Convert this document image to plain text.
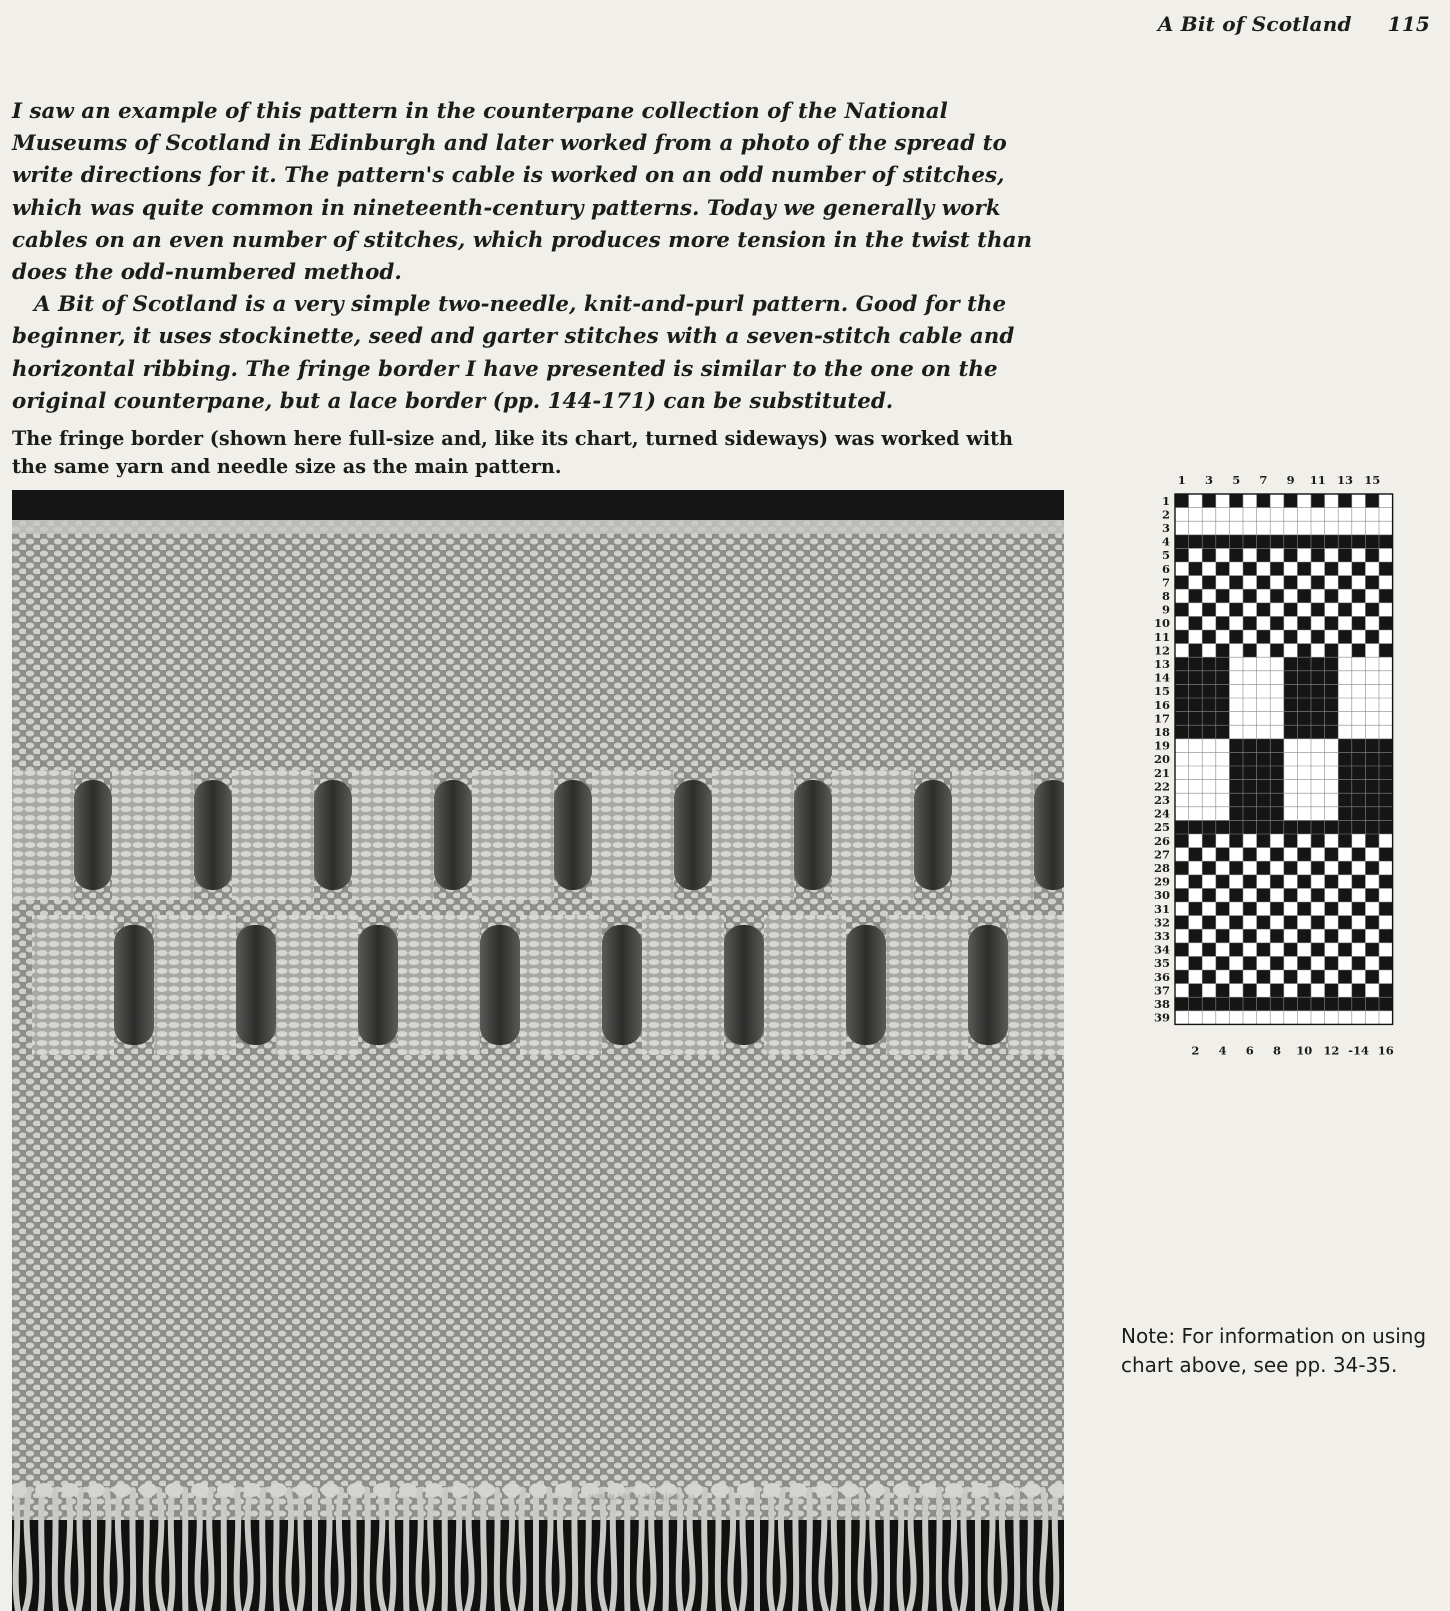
A Bit of Scotland 115

I saw an example of this pattern in the counterpane collection of the National Museums of Scotland in Edinburgh and later worked from a photo of the spread to write directions for it. The pattern's cable is worked on an odd number of stitches, which was quite common in nineteenth-century patterns. Today we generally work cables on an even number of stitches, which produces more tension in the twist than does the odd-numbered method.

A Bit of Scotland is a very simple two-needle, knit-and-purl pattern. Good for the beginner, it uses stockinette, seed and garter stitches with a seven-stitch cable and horizontal ribbing. The fringe border I have presented is similar to the one on the original counterpane, but a lace border (pp. 144-171) can be substituted.

The fringe border (shown here full-size and, like its chart, turned sideways) was worked with the same yarn and needle size as the main pattern.
1 3 5 7 9 11 13 15
2 4 6 8 10 12 -14 16
1
2
3
4
5
6
7
8
9
10
11
12
13
14
15
16
17
18
19
20
21
22
23
24
25
26
27
28
29
30
31
32
33
34
35
36
37
38
39
Note: For information on using chart above, see pp. 34-35.
www.lady-bagira.ru
